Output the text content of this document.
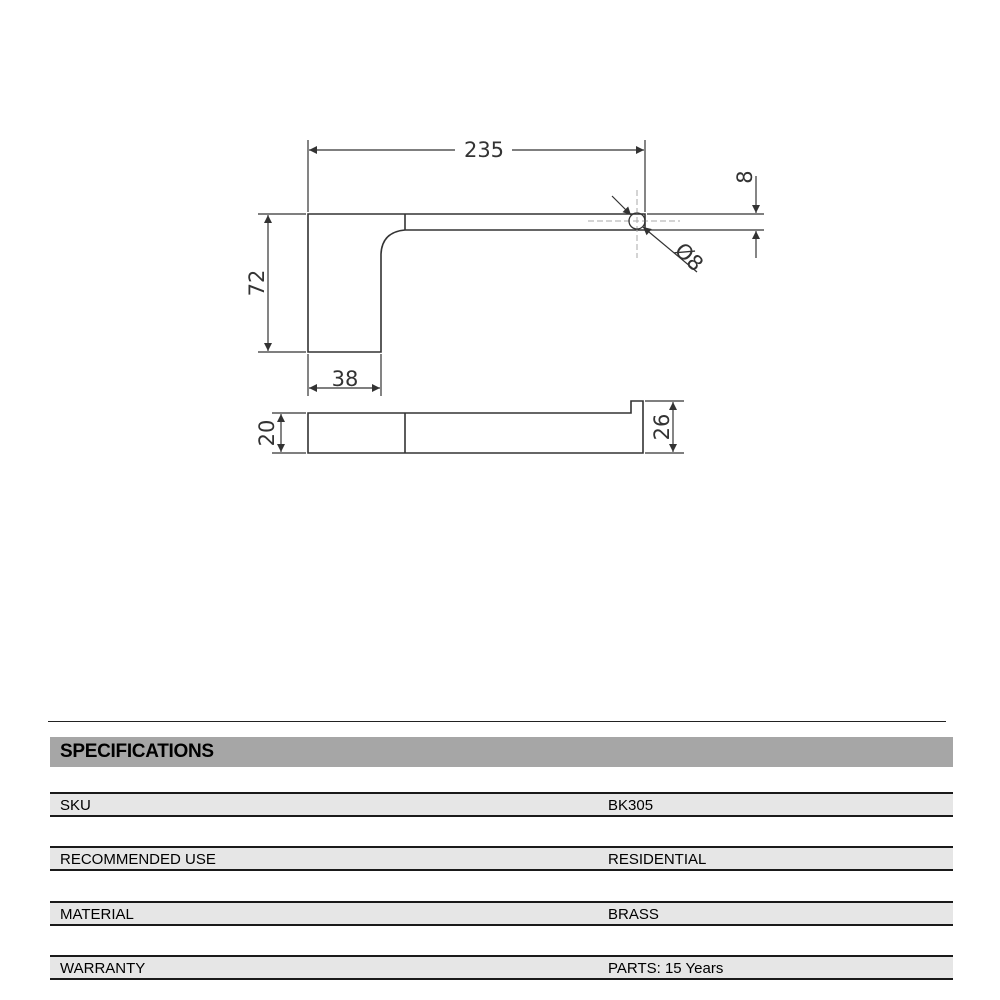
235
72
38
Ø8
8
20	26
SPECIFICATIONS
SKU	BK305
RECOMMENDED USE	RESIDENTIAL
MATERIAL	BRASS
WARRANTY	PARTS: 15 Years
